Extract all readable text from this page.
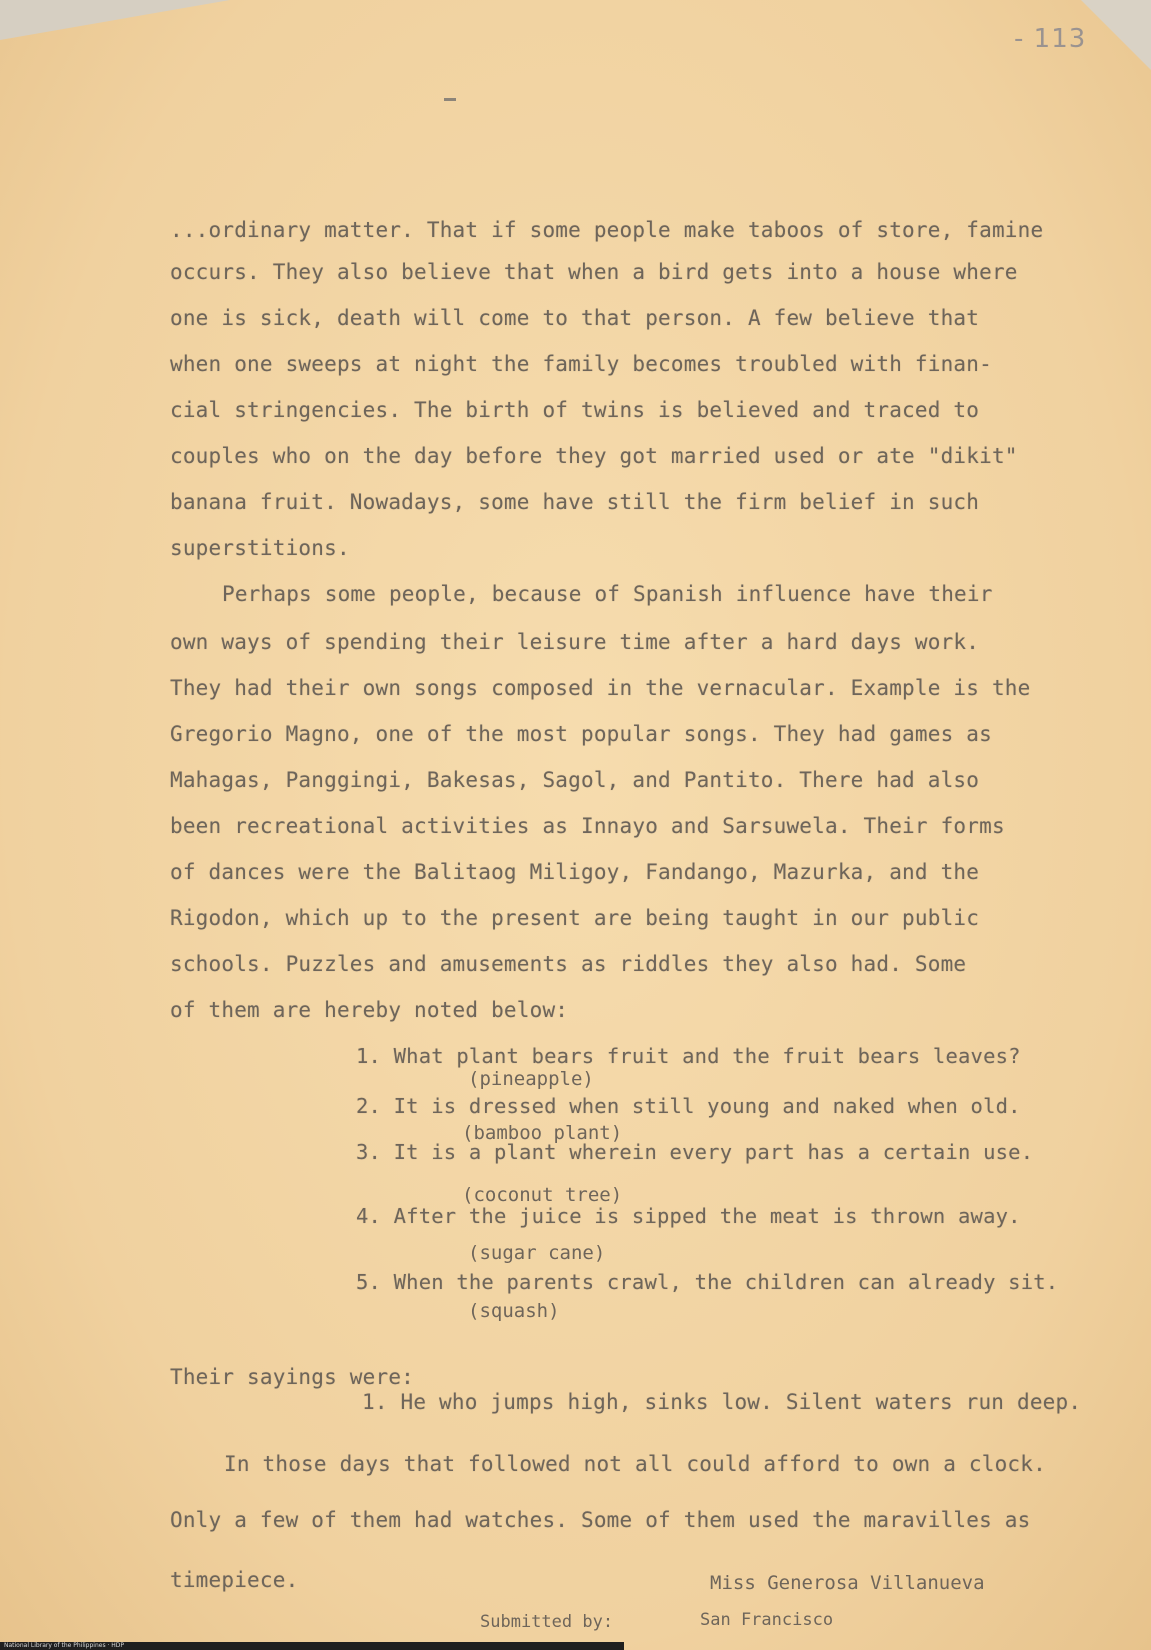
- 113
...ordinary matter. That if some people make taboos of store, famine
occurs. They also believe that when a bird gets into a house where
one is sick, death will come to that person. A few believe that
when one sweeps at night the family becomes troubled with finan-
cial stringencies. The birth of twins is believed and traced to
couples who on the day before they got married used or ate "dikit"
banana fruit. Nowadays, some have still the firm belief in such
superstitions.
Perhaps some people, because of Spanish influence have their
own ways of spending their leisure time after a hard days work.
They had their own songs composed in the vernacular. Example is the
Gregorio Magno, one of the most popular songs. They had games as
Mahagas, Panggingi, Bakesas, Sagol, and Pantito. There had also
been recreational activities as Innayo and Sarsuwela. Their forms
of dances were the Balitaog Miligoy, Fandango, Mazurka, and the
Rigodon, which up to the present are being taught in our public
schools. Puzzles and amusements as riddles they also had. Some
of them are hereby noted below:
1. What plant bears fruit and the fruit bears leaves?
(pineapple)
2. It is dressed when still young and naked when old.
(bamboo plant)
3. It is a plant wherein every part has a certain use.
(coconut tree)
4. After the juice is sipped the meat is thrown away.
(sugar cane)
5. When the parents crawl, the children can already sit.
(squash)
Their sayings were:
1. He who jumps high, sinks low. Silent waters run deep.
In those days that followed not all could afford to own a clock.
Only a few of them had watches. Some of them used the maravilles as
timepiece.
Submitted by:
Miss Generosa Villanueva
San Francisco
National Library of the Philippines · HDP
